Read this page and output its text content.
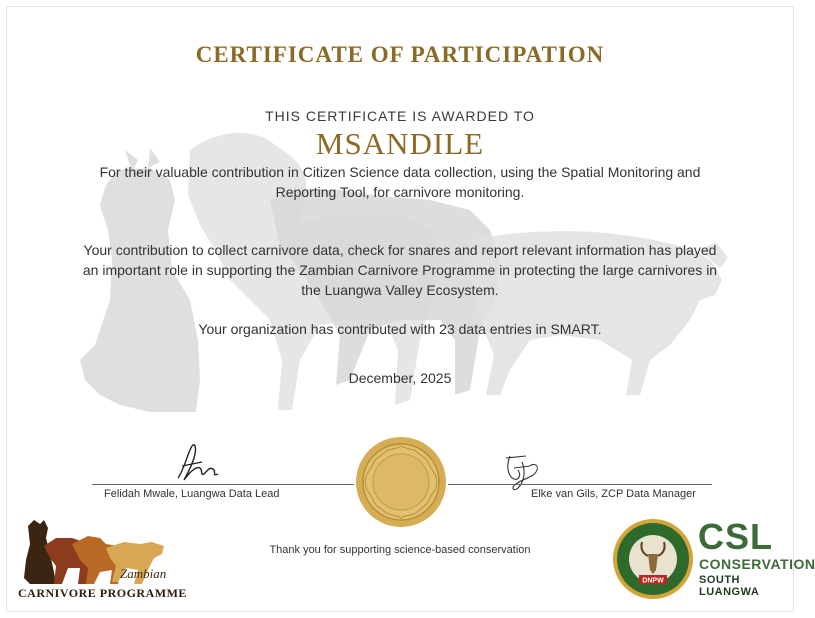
CERTIFICATE OF PARTICIPATION
THIS CERTIFICATE IS AWARDED TO
MSANDILE
For their valuable contribution in Citizen Science data collection, using the Spatial Monitoring and Reporting Tool, for carnivore monitoring.
Your contribution to collect carnivore data, check for snares and report relevant information has played an important role in supporting the Zambian Carnivore Programme in protecting the large carnivores in the Luangwa Valley Ecosystem.
Your organization has contributed with 23 data entries in SMART.
December, 2025
Felidah Mwale, Luangwa Data Lead	Elke van Gils, ZCP Data Manager
Thank you for supporting science-based conservation
Zambian
CARNIVORE PROGRAMME
DNPW
CSL
CONSERVATION
SOUTH LUANGWA
